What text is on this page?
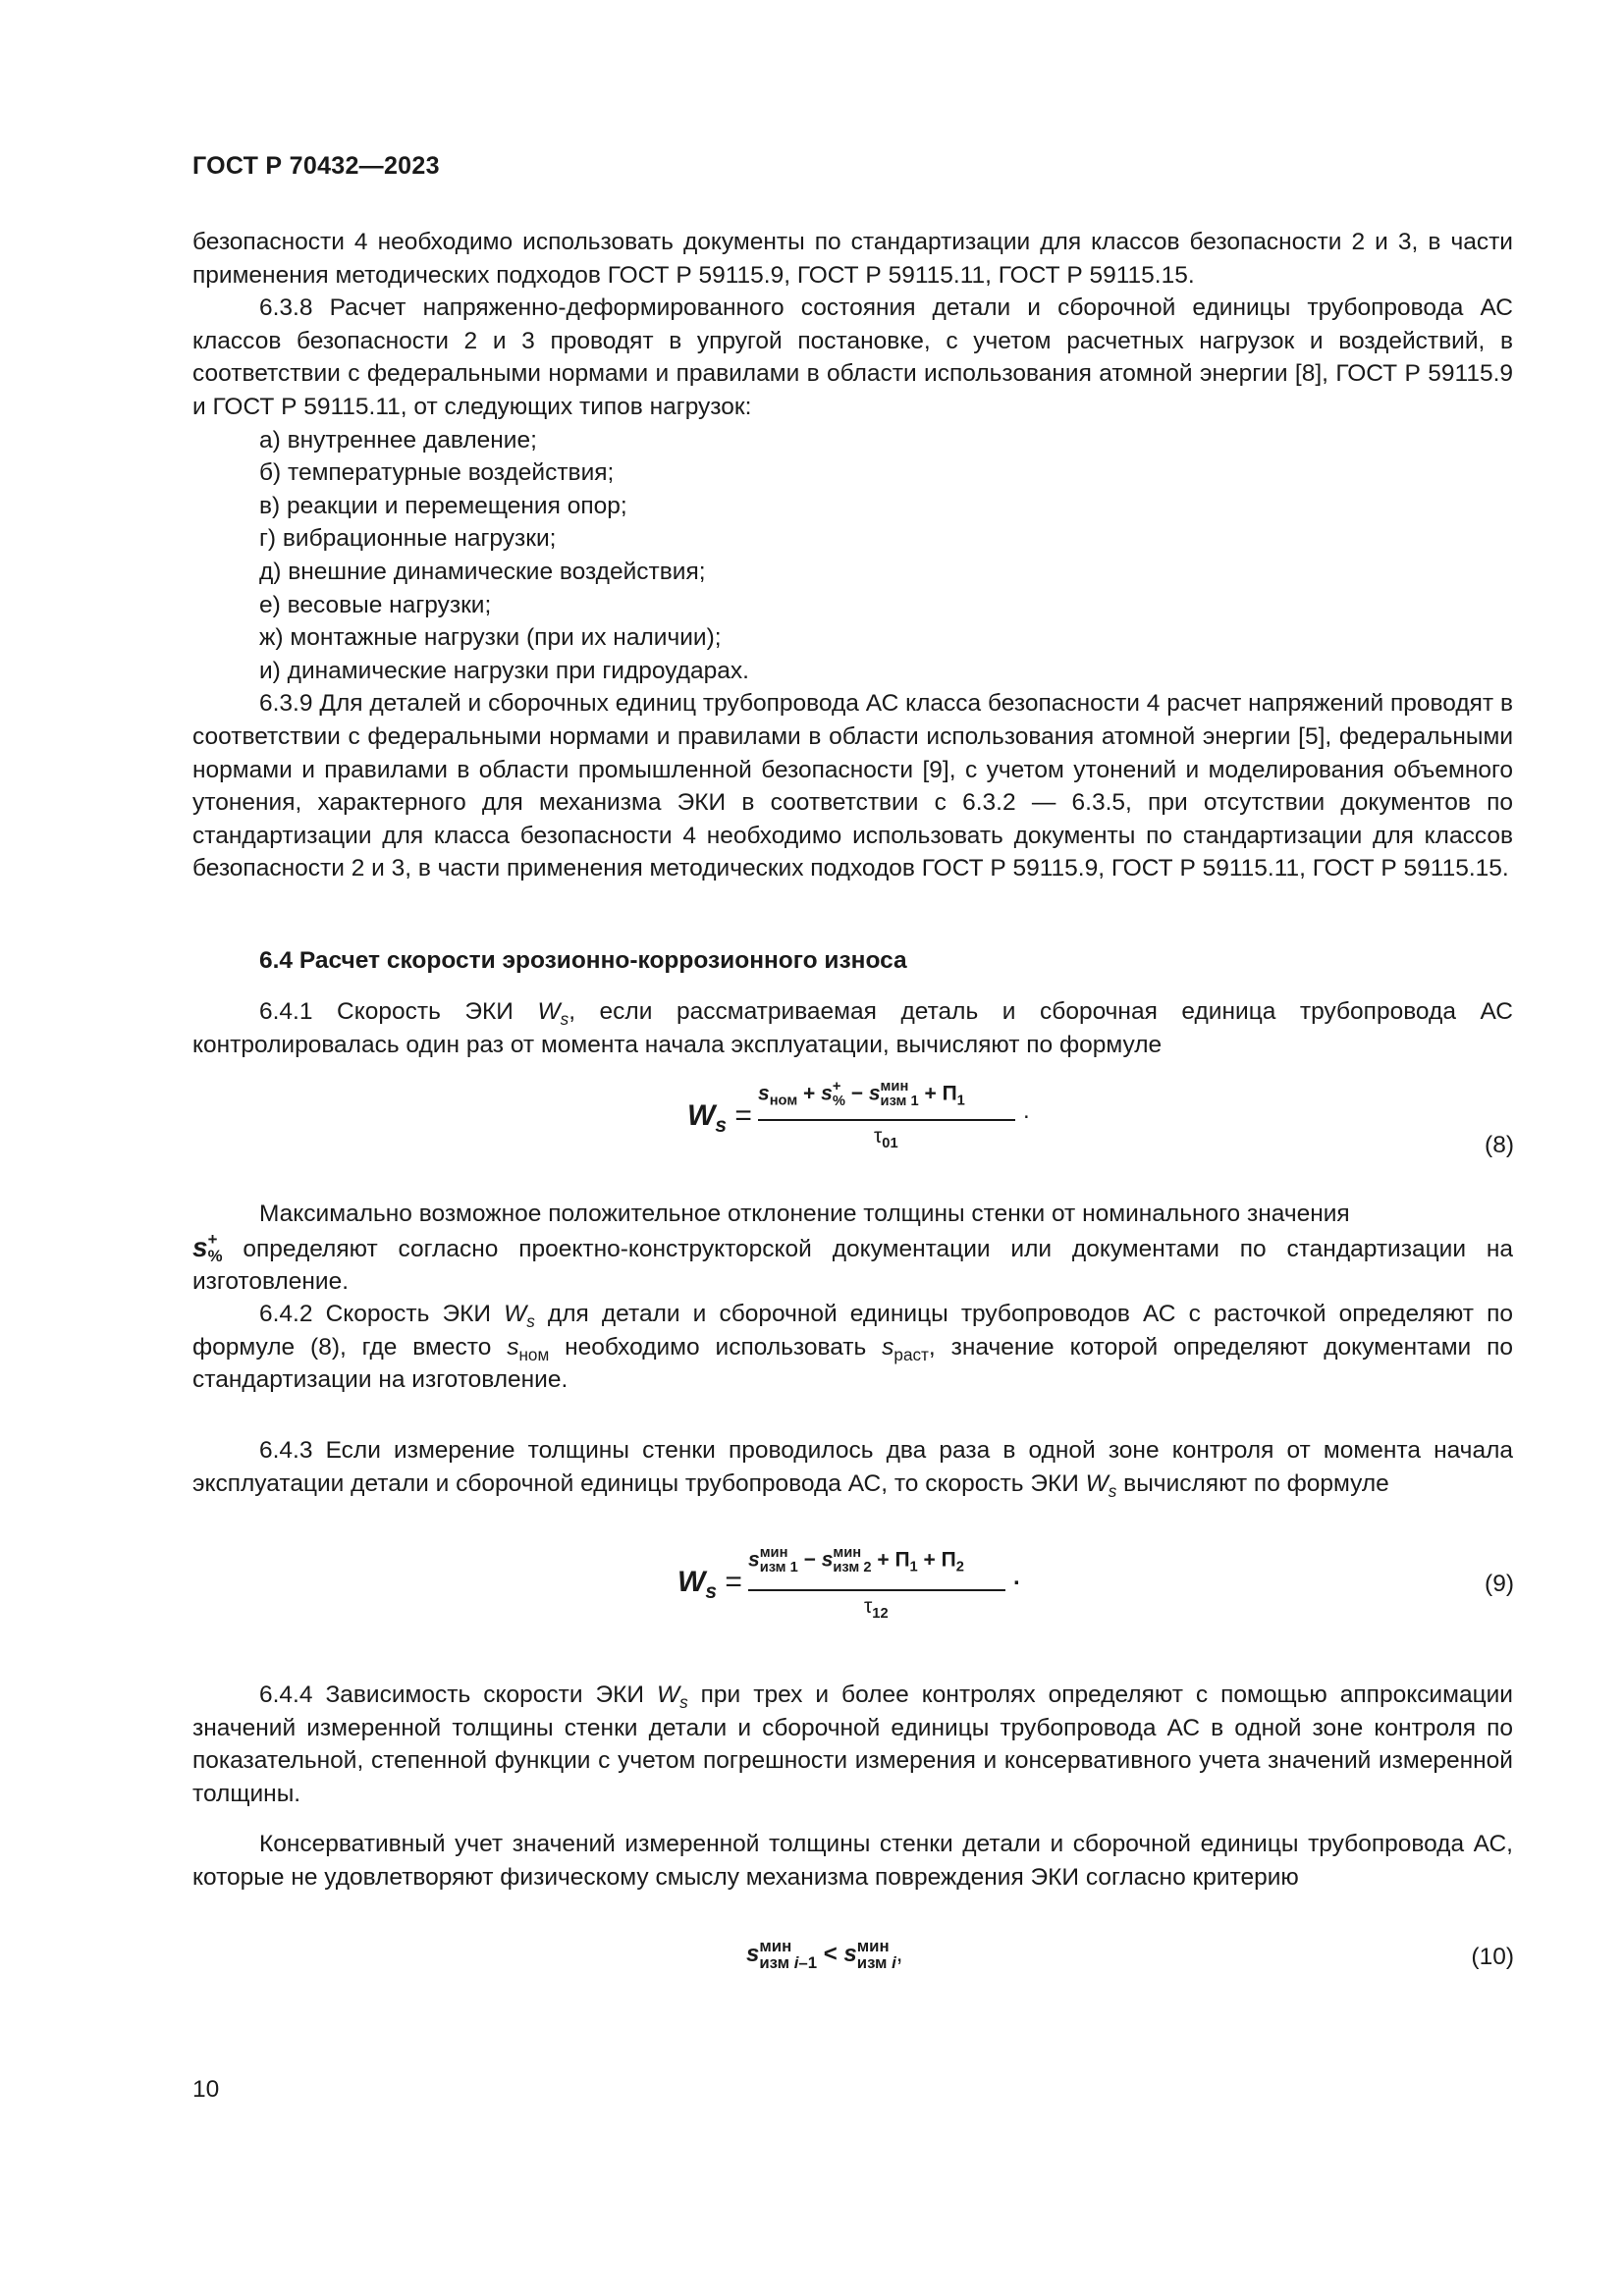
ГОСТ Р 70432—2023

безопасности 4 необходимо использовать документы по стандартизации для классов безопасности 2 и 3, в части применения методических подходов ГОСТ Р 59115.9, ГОСТ Р 59115.11, ГОСТ Р 59115.15.

6.3.8 Расчет напряженно-деформированного состояния детали и сборочной единицы трубопровода АС классов безопасности 2 и 3 проводят в упругой постановке, с учетом расчетных нагрузок и воздействий, в соответствии с федеральными нормами и правилами в области использования атомной энергии [8], ГОСТ Р 59115.9 и ГОСТ Р 59115.11, от следующих типов нагрузок:

а) внутреннее давление;

б) температурные воздействия;

в) реакции и перемещения опор;

г) вибрационные нагрузки;

д) внешние динамические воздействия;

е) весовые нагрузки;

ж) монтажные нагрузки (при их наличии);

и) динамические нагрузки при гидроударах.

6.3.9 Для деталей и сборочных единиц трубопровода АС класса безопасности 4 расчет напряжений проводят в соответствии с федеральными нормами и правилами в области использования атомной энергии [5], федеральными нормами и правилами в области промышленной безопасности [9], с учетом утонений и моделирования объемного утонения, характерного для механизма ЭКИ в соответствии с 6.3.2 — 6.3.5, при отсутствии документов по стандартизации для класса безопасности 4 необходимо использовать документы по стандартизации для классов безопасности 2 и 3, в части применения методических подходов ГОСТ Р 59115.9, ГОСТ Р 59115.11, ГОСТ Р 59115.15.

6.4 Расчет скорости эрозионно-коррозионного износа

6.4.1 Скорость ЭКИ $W_s$, если рассматриваемая деталь и сборочная единица трубопровода АС контролировалась один раз от момента начала эксплуатации, вычисляют по формуле

$W_s$ =
$s_{ном} + s$ +
% − s мин
изм $1 + П_1$
$\tau_{01}$
.
(8)

Максимально возможное положительное отклонение толщины стенки от номинального значения

s +
% определяют согласно проектно-конструкторской документации или документами по стандартизации на изготовление.

6.4.2 Скорость ЭКИ $W_s$ для детали и сборочной единицы трубопроводов АС с расточкой определяют по формуле (8), где вместо $s_{ном}$ необходимо использовать $s_{раст}$, значение которой определяют документами по стандартизации на изготовление.

6.4.3 Если измерение толщины стенки проводилось два раза в одной зоне контроля от момента начала эксплуатации детали и сборочной единицы трубопровода АС, то скорость ЭКИ $W_s$ вычисляют по формуле

$W_s$ =
s мин
изм 1 − s мин
изм $2 + П_1 + П_2$
$\tau_{12}$
.	(9)

6.4.4 Зависимость скорости ЭКИ $W_s$ при трех и более контролях определяют с помощью аппроксимации значений измеренной толщины стенки детали и сборочной единицы трубопровода АС в одной зоне контроля по показательной, степенной функции с учетом погрешности измерения и консервативного учета значений измеренной толщины.

Консервативный учет значений измеренной толщины стенки детали и сборочной единицы трубопровода АС, которые не удовлетворяют физическому смыслу механизма повреждения ЭКИ согласно критерию

s мин
изм i–1 < s мин
изм i ,	(10)
10
